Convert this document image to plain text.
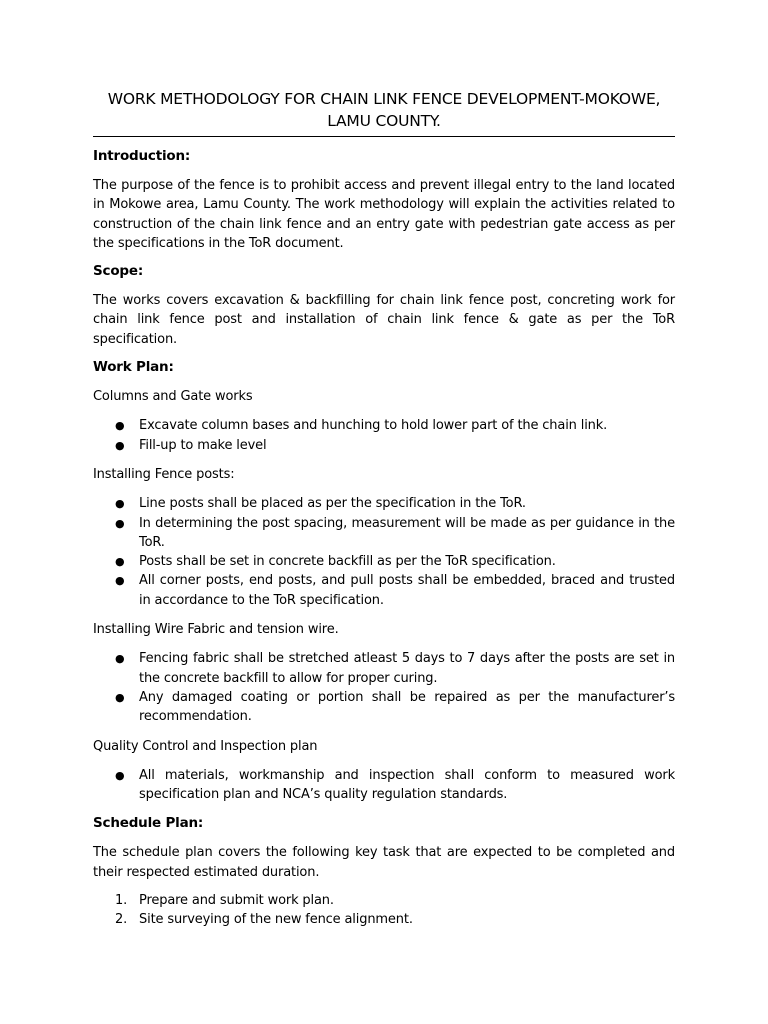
WORK METHODOLOGY FOR CHAIN LINK FENCE DEVELOPMENT-MOKOWE, LAMU COUNTY.
Introduction:

The purpose of the fence is to prohibit access and prevent illegal entry to the land located in Mokowe area, Lamu County. The work methodology will explain the activities related to construction of the chain link fence and an entry gate with pedestrian gate access as per the specifications in the ToR document.

Scope:

The works covers excavation & backfilling for chain link fence post, concreting work for chain link fence post and installation of chain link fence & gate as per the ToR specification.

Work Plan:

Columns and Gate works

● Excavate column bases and hunching to hold lower part of the chain link.
● Fill-up to make level

Installing Fence posts:

● Line posts shall be placed as per the specification in the ToR.
● In determining the post spacing, measurement will be made as per guidance in the ToR.
● Posts shall be set in concrete backfill as per the ToR specification.
● All corner posts, end posts, and pull posts shall be embedded, braced and trusted in accordance to the ToR specification.

Installing Wire Fabric and tension wire.

● Fencing fabric shall be stretched atleast 5 days to 7 days after the posts are set in the concrete backfill to allow for proper curing.
● Any damaged coating or portion shall be repaired as per the manufacturer’s recommendation.

Quality Control and Inspection plan

● All materials, workmanship and inspection shall conform to measured work specification plan and NCA’s quality regulation standards.
Schedule Plan:

The schedule plan covers the following key task that are expected to be completed and their respected estimated duration.

1. Prepare and submit work plan.
2. Site surveying of the new fence alignment.
